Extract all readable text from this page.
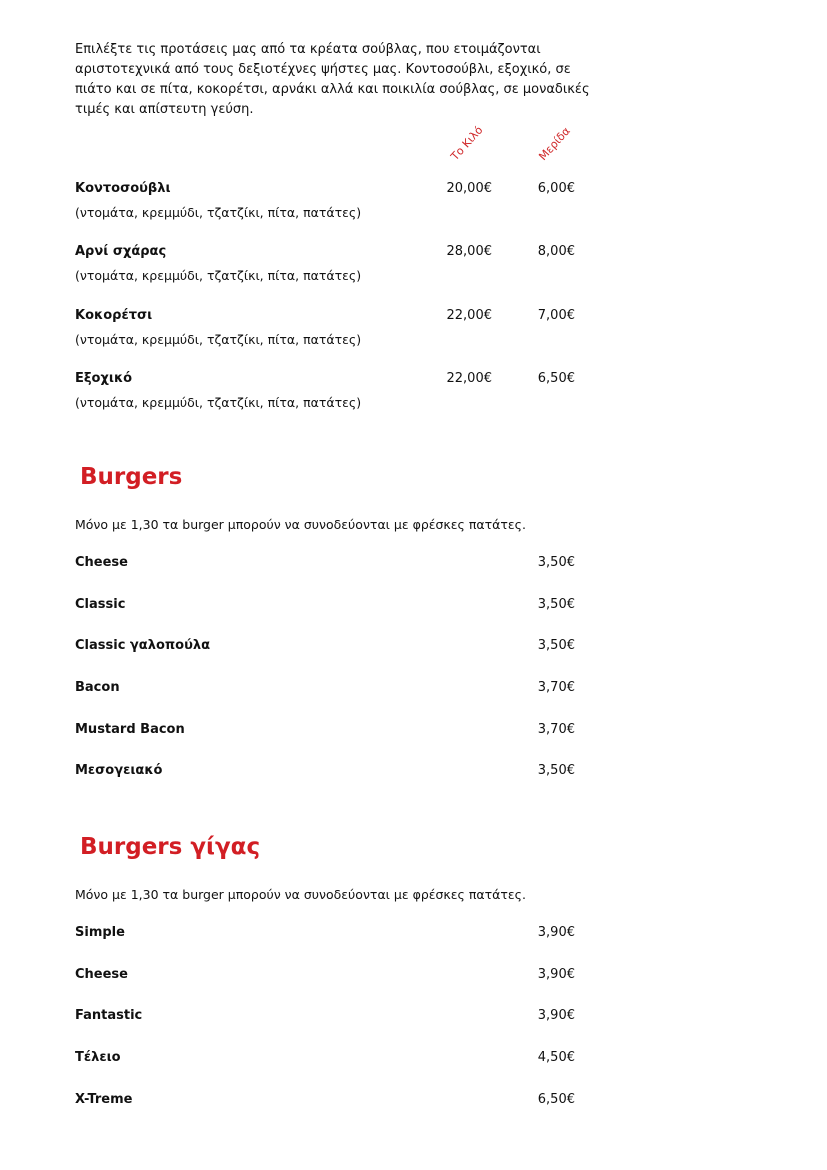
Επιλέξτε τις προτάσεις μας από τα κρέατα σούβλας, που ετοιμάζονται αριστοτεχνικά από τους δεξιοτέχνες ψήστες μας. Κοντοσούβλι, εξοχικό, σε πιάτο και σε πίτα, κοκορέτσι, αρνάκι αλλά και ποικιλία σούβλας, σε μοναδικές τιμές και απίστευτη γεύση.

Το Κιλό	Μερίδα
Κοντοσούβλι	20,00€	6,00€
(ντομάτα, κρεμμύδι, τζατζίκι, πίτα, πατάτες)
Αρνί σχάρας	28,00€	8,00€
(ντομάτα, κρεμμύδι, τζατζίκι, πίτα, πατάτες)
Κοκορέτσι	22,00€	7,00€
(ντομάτα, κρεμμύδι, τζατζίκι, πίτα, πατάτες)
Εξοχικό	22,00€	6,50€
(ντομάτα, κρεμμύδι, τζατζίκι, πίτα, πατάτες)
Burgers
Μόνο με 1,30 τα burger μπορούν να συνοδεύονται με φρέσκες πατάτες.
Cheese	3,50€
Classic	3,50€
Classic γαλοπούλα	3,50€
Bacon	3,70€
Mustard Bacon	3,70€
Μεσογειακό	3,50€
Burgers γίγας
Μόνο με 1,30 τα burger μπορούν να συνοδεύονται με φρέσκες πατάτες.
Simple	3,90€
Cheese	3,90€
Fantastic	3,90€
Τέλειο	4,50€
X-Treme	6,50€
